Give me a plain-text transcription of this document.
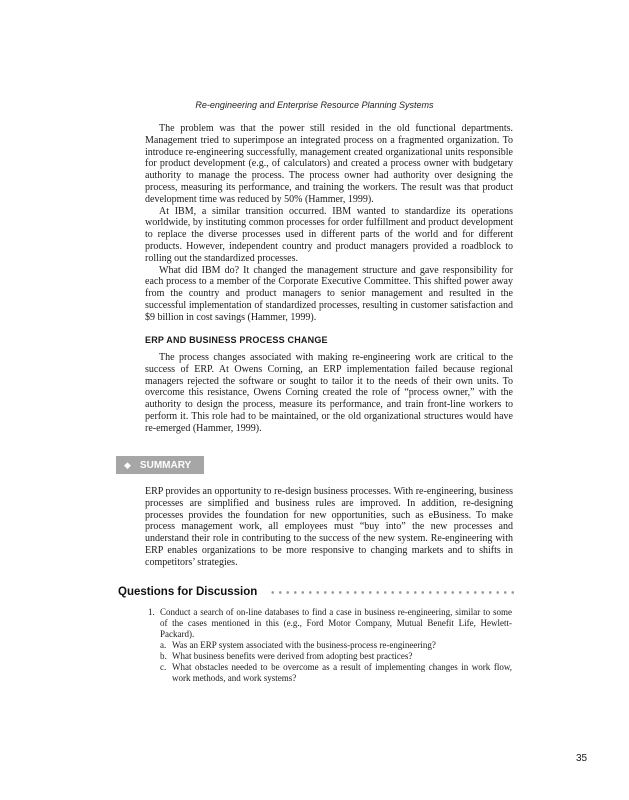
Re-engineering and Enterprise Resource Planning Systems

The problem was that the power still resided in the old functional departments. Management tried to superimpose an integrated process on a fragmented organization. To introduce re-engineering successfully, management created organizational units responsible for product development (e.g., of calculators) and created a process owner with budgetary authority to manage the process. The process owner had authority over designing the process, measuring its performance, and training the workers. The result was that product development time was reduced by 50% (Hammer, 1999).

At IBM, a similar transition occurred. IBM wanted to standardize its operations worldwide, by instituting common processes for order fulfillment and product development to replace the diverse processes used in different parts of the world and for different products. However, independent country and product managers provided a roadblock to rolling out the standardized processes.

What did IBM do? It changed the management structure and gave responsibility for each process to a member of the Corporate Executive Committee. This shifted power away from the country and product managers to senior management and resulted in the successful implementation of standardized processes, resulting in customer satisfaction and $9 billion in cost savings (Hammer, 1999).

ERP AND BUSINESS PROCESS CHANGE

The process changes associated with making re-engineering work are critical to the success of ERP. At Owens Corning, an ERP implementation failed because regional managers rejected the software or sought to tailor it to the needs of their own units. To overcome this resistance, Owens Corning created the role of “process owner,” with the authority to design the process, measure its performance, and train front-line workers to perform it. This role had to be maintained, or the old organizational structures would have re-emerged (Hammer, 1999).

◆ SUMMARY

ERP provides an opportunity to re-design business processes. With re-engineering, business processes are simplified and business rules are improved. In addition, re-designing processes provides the foundation for new opportunities, such as eBusiness. To make process management work, all employees must “buy into” the new processes and understand their role in contributing to the success of the new system. Re-engineering with ERP enables organizations to be more responsive to changing markets and to shifts in competitors’ strategies.

Questions for Discussion
1. Conduct a search of on-line databases to find a case in business re-engineering, similar to some of the cases mentioned in this (e.g., Ford Motor Company, Mutual Benefit Life, Hewlett-Packard).
a. Was an ERP system associated with the business-process re-engineering?
b. What business benefits were derived from adopting best practices?
c. What obstacles needed to be overcome as a result of implementing changes in work flow, work methods, and work systems?
35
